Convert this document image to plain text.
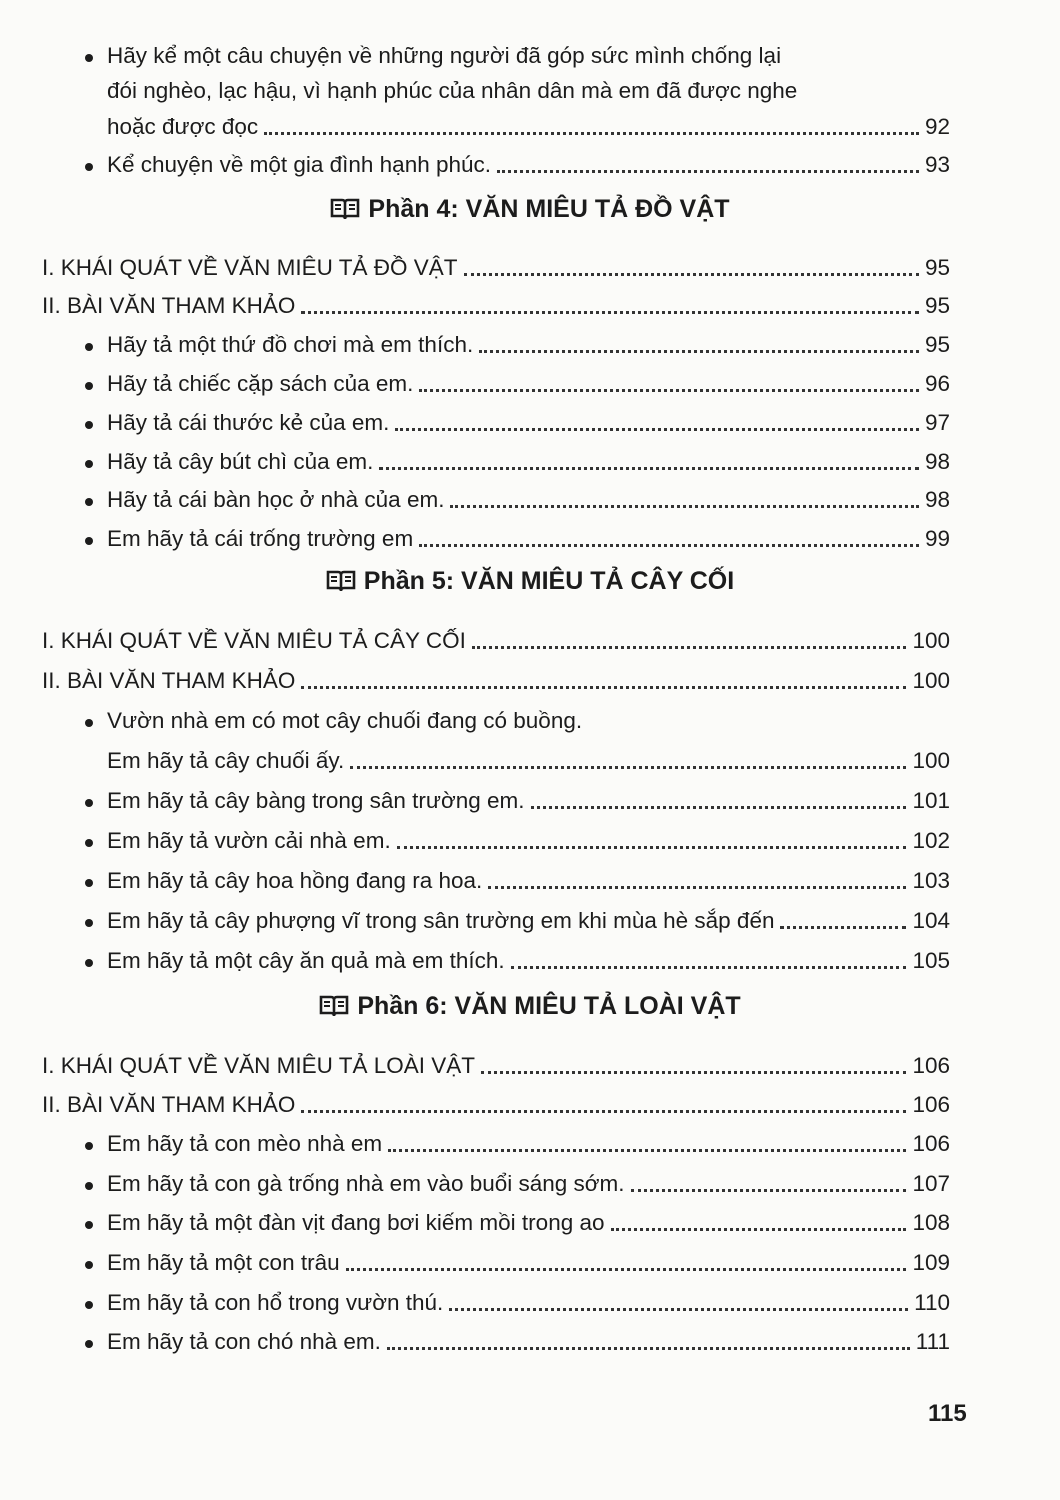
Hãy kể một câu chuyện về những người đã góp sức mình chống lại
đói nghèo, lạc hậu, vì hạnh phúc của nhân dân mà em đã được nghe
hoặc được đọc	92
Kể chuyện về một gia đình hạnh phúc.	93
Phần 4: VĂN MIÊU TẢ ĐỒ VẬT
I. KHÁI QUÁT VỀ VĂN MIÊU TẢ ĐỒ VẬT	95
II. BÀI VĂN THAM KHẢO	95
Hãy tả một thứ đồ chơi mà em thích.	95
Hãy tả chiếc cặp sách của em.	96
Hãy tả cái thước kẻ của em.	97
Hãy tả cây bút chì của em.	98
Hãy tả cái bàn học ở nhà của em.	98
Em hãy tả cái trống trường em	99
Phần 5: VĂN MIÊU TẢ CÂY CỐI
I. KHÁI QUÁT VỀ VĂN MIÊU TẢ CÂY CỐI	100
II. BÀI VĂN THAM KHẢO	100
Vườn nhà em có mot cây chuối đang có buồng.
Em hãy tả cây chuối ấy.	100
Em hãy tả cây bàng trong sân trường em.	101
Em hãy tả vườn cải nhà em.	102
Em hãy tả cây hoa hồng đang ra hoa.	103
Em hãy tả cây phượng vĩ trong sân trường em khi mùa hè sắp đến	104
Em hãy tả một cây ăn quả mà em thích.	105
Phần 6: VĂN MIÊU TẢ LOÀI VẬT
I. KHÁI QUÁT VỀ VĂN MIÊU TẢ LOÀI VẬT	106
II. BÀI VĂN THAM KHẢO	106
Em hãy tả con mèo nhà em	106
Em hãy tả con gà trống nhà em vào buổi sáng sớm.	107
Em hãy tả một đàn vịt đang bơi kiếm mồi trong ao	108
Em hãy tả một con trâu	109
Em hãy tả con hổ trong vườn thú.	110
Em hãy tả con chó nhà em.	111
115
